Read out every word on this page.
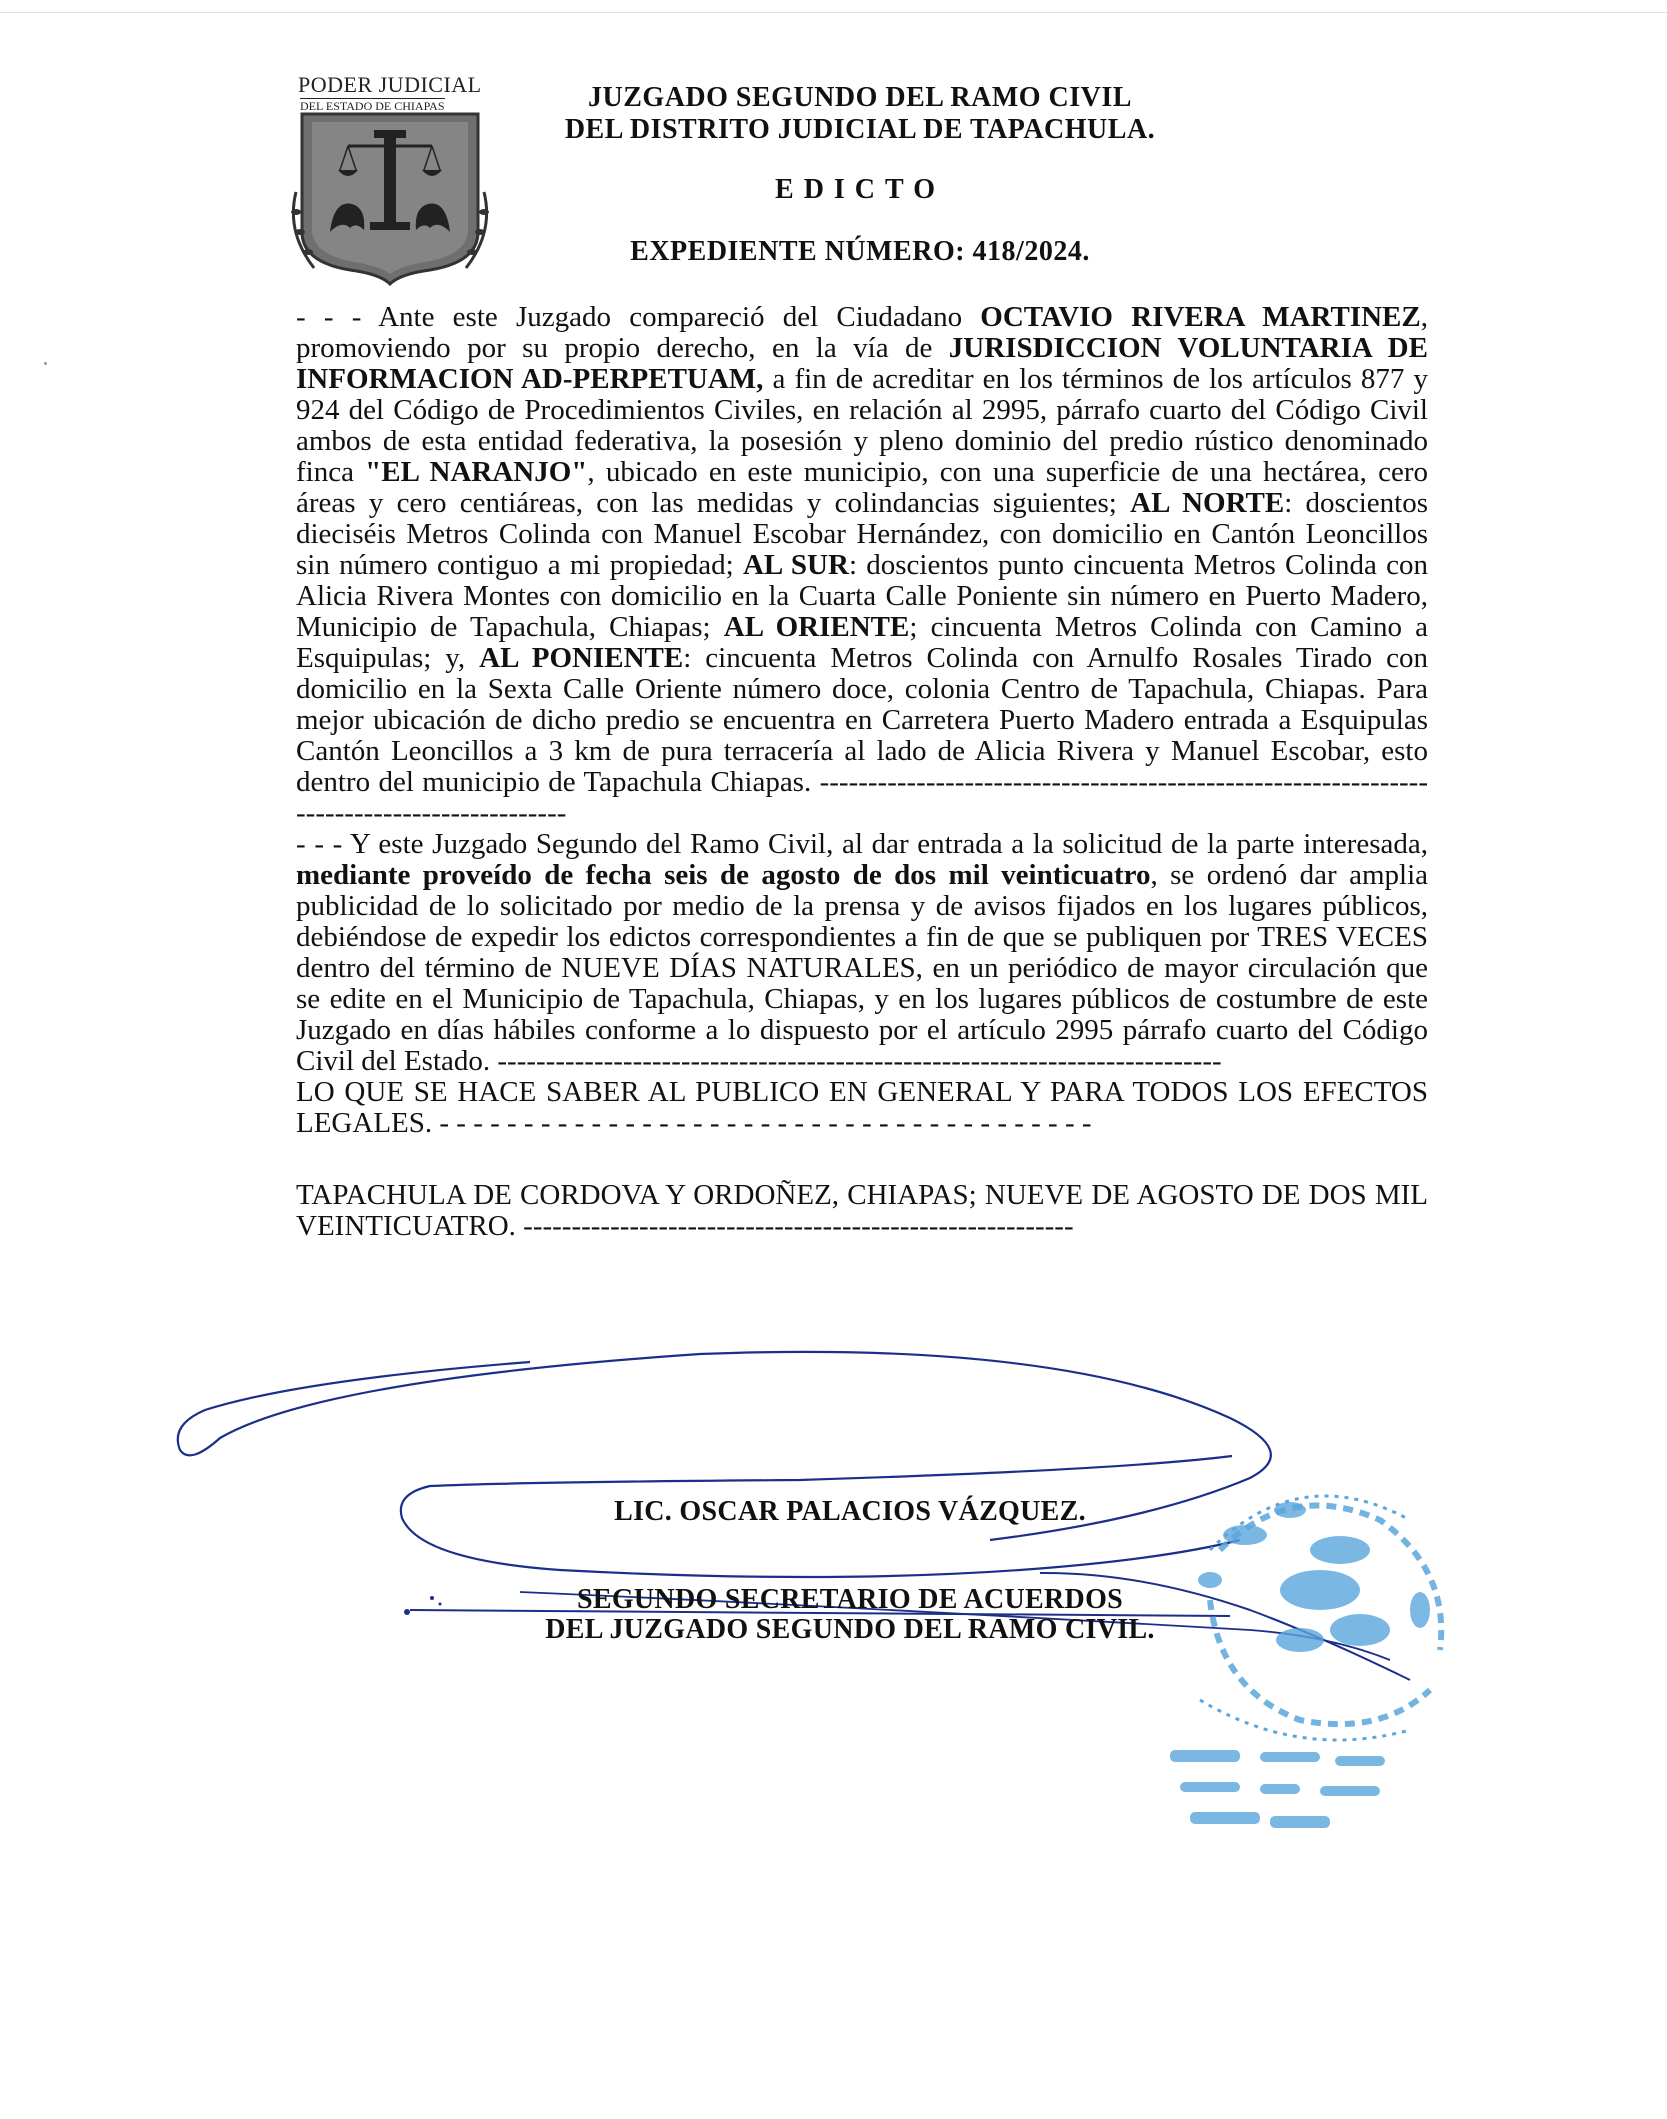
PODER JUDICIAL
DEL ESTADO DE CHIAPAS	JUZGADO SEGUNDO DEL RAMO CIVIL
DEL DISTRITO JUDICIAL DE TAPACHULA.
EDICTO
EXPEDIENTE NÚMERO: 418/2024.

- - - Ante este Juzgado compareció del Ciudadano OCTAVIO RIVERA MARTINEZ, promoviendo por su propio derecho, en la vía de JURISDICCION VOLUNTARIA DE INFORMACION AD-PERPETUAM, a fin de acreditar en los términos de los artículos 877 y 924 del Código de Procedimientos Civiles, en relación al 2995, párrafo cuarto del Código Civil ambos de esta entidad federativa, la posesión y pleno dominio del predio rústico denominado finca "EL NARANJO", ubicado en este municipio, con una superficie de una hectárea, cero áreas y cero centiáreas, con las medidas y colindancias siguientes; AL NORTE: doscientos dieciséis Metros Colinda con Manuel Escobar Hernández, con domicilio en Cantón Leoncillos sin número contiguo a mi propiedad; AL SUR: doscientos punto cincuenta Metros Colinda con Alicia Rivera Montes con domicilio en la Cuarta Calle Poniente sin número en Puerto Madero, Municipio de Tapachula, Chiapas; AL ORIENTE; cincuenta Metros Colinda con Camino a Esquipulas; y, AL PONIENTE: cincuenta Metros Colinda con Arnulfo Rosales Tirado con domicilio en la Sexta Calle Oriente número doce, colonia Centro de Tapachula, Chiapas. Para mejor ubicación de dicho predio se encuentra en Carretera Puerto Madero entrada a Esquipulas Cantón Leoncillos a 3 km de pura terracería al lado de Alicia Rivera y Manuel Escobar, esto dentro del municipio de Tapachula Chiapas. -------------------------------------------------------------------------------------------

- - - Y este Juzgado Segundo del Ramo Civil, al dar entrada a la solicitud de la parte interesada, mediante proveído de fecha seis de agosto de dos mil veinticuatro, se ordenó dar amplia publicidad de lo solicitado por medio de la prensa y de avisos fijados en los lugares públicos, debiéndose de expedir los edictos correspondientes a fin de que se publiquen por TRES VECES dentro del término de NUEVE DÍAS NATURALES, en un periódico de mayor circulación que se edite en el Municipio de Tapachula, Chiapas, y en los lugares públicos de costumbre de este Juzgado en días hábiles conforme a lo dispuesto por el artículo 2995 párrafo cuarto del Código Civil del Estado. ---------------------------------------------------------------------------

LO QUE SE HACE SABER AL PUBLICO EN GENERAL Y PARA TODOS LOS EFECTOS LEGALES. - - - - - - - - - - - - - - - - - - - - - - - - - - - - - - - - - - - - - - -

TAPACHULA DE CORDOVA Y ORDOÑEZ, CHIAPAS; NUEVE DE AGOSTO DE DOS MIL VEINTICUATRO. ---------------------------------------------------------

LIC. OSCAR PALACIOS VÁZQUEZ.
SEGUNDO SECRETARIO DE ACUERDOS
DEL JUZGADO SEGUNDO DEL RAMO CIVIL.
